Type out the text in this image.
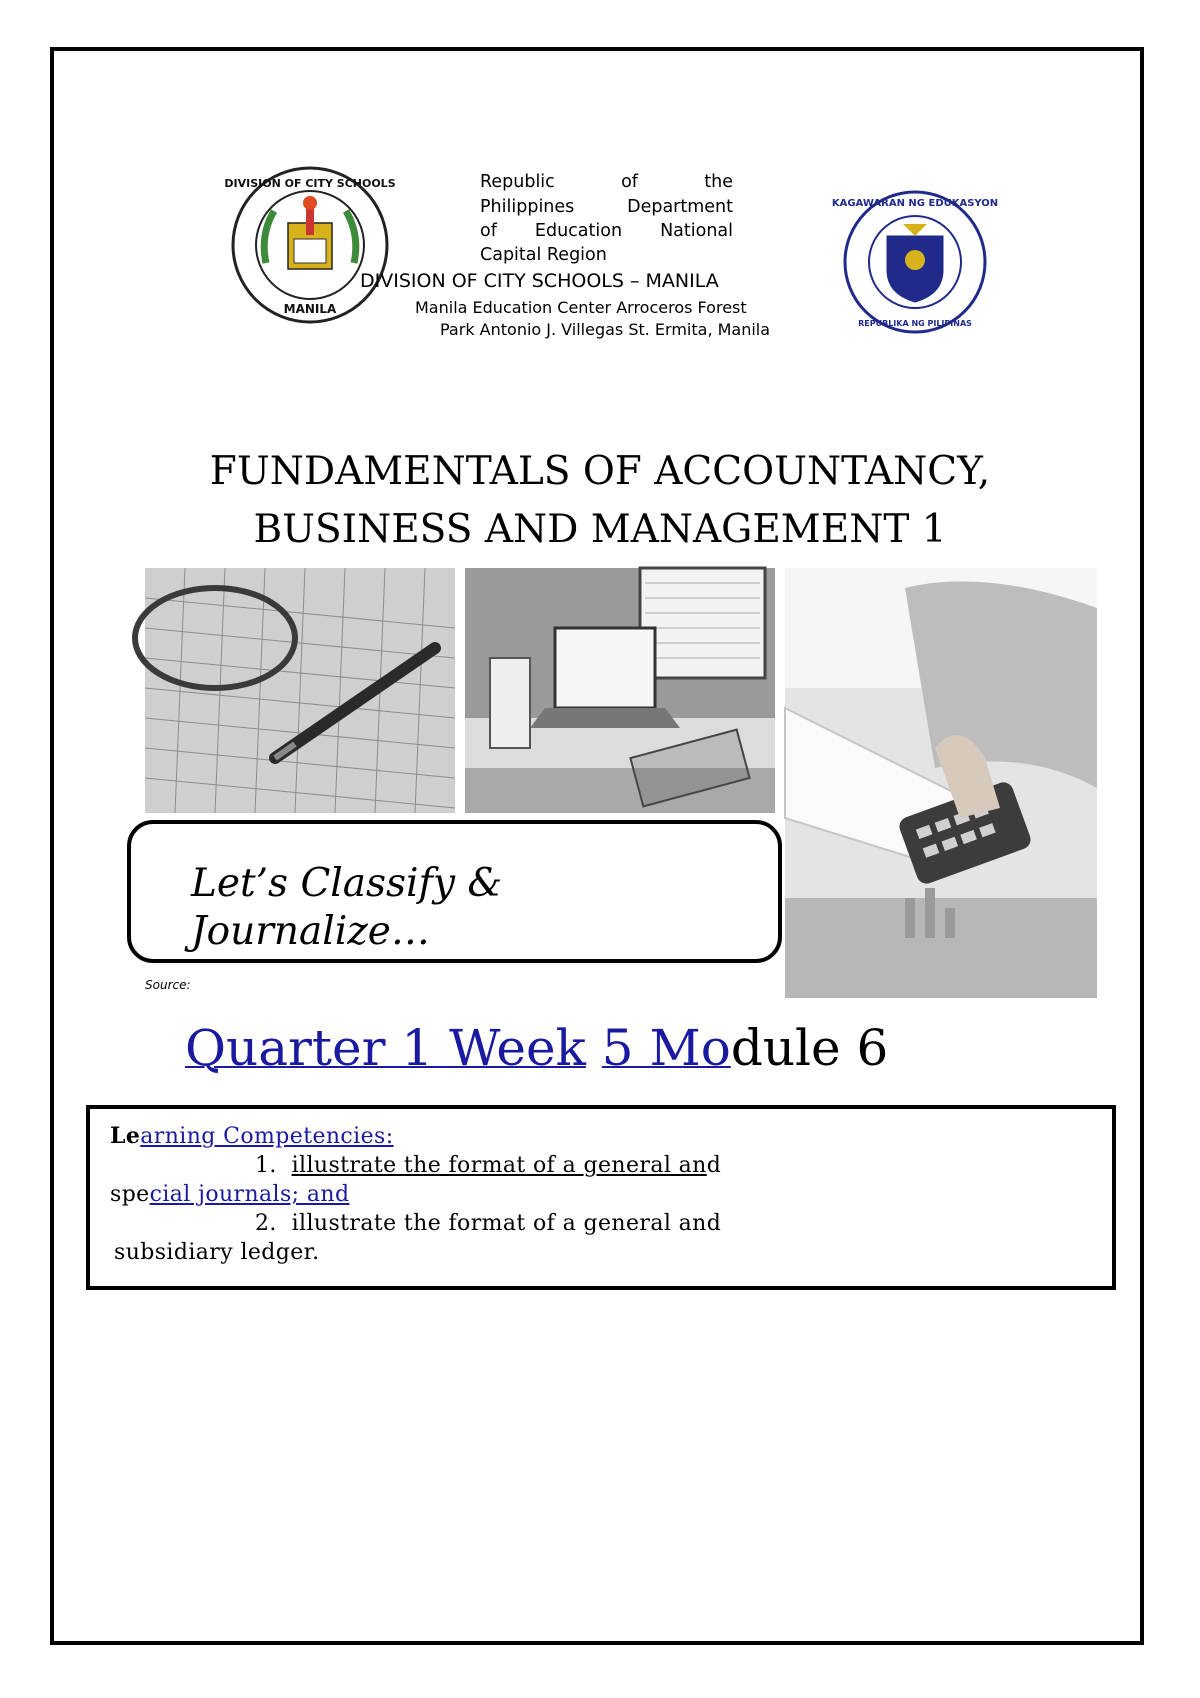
DIVISION OF CITY SCHOOLS
MANILA
KAGAWARAN NG EDUKASYON
REPUBLIKA NG PILIPINAS
Republic of the
Philippines Department
of Education National
Capital Region
DIVISION OF CITY SCHOOLS – MANILA
Manila Education Center Arroceros Forest
Park Antonio J. Villegas St. Ermita, Manila
FUNDAMENTALS OF ACCOUNTANCY,
BUSINESS AND MANAGEMENT 1
Let’s Classify &
Journalize…
Source:
Quarter 1 Week 5 Module 6
Learning Competencies:
1. illustrate the format of a general and
special journals; and
2. illustrate the format of a general and
subsidiary ledger.
